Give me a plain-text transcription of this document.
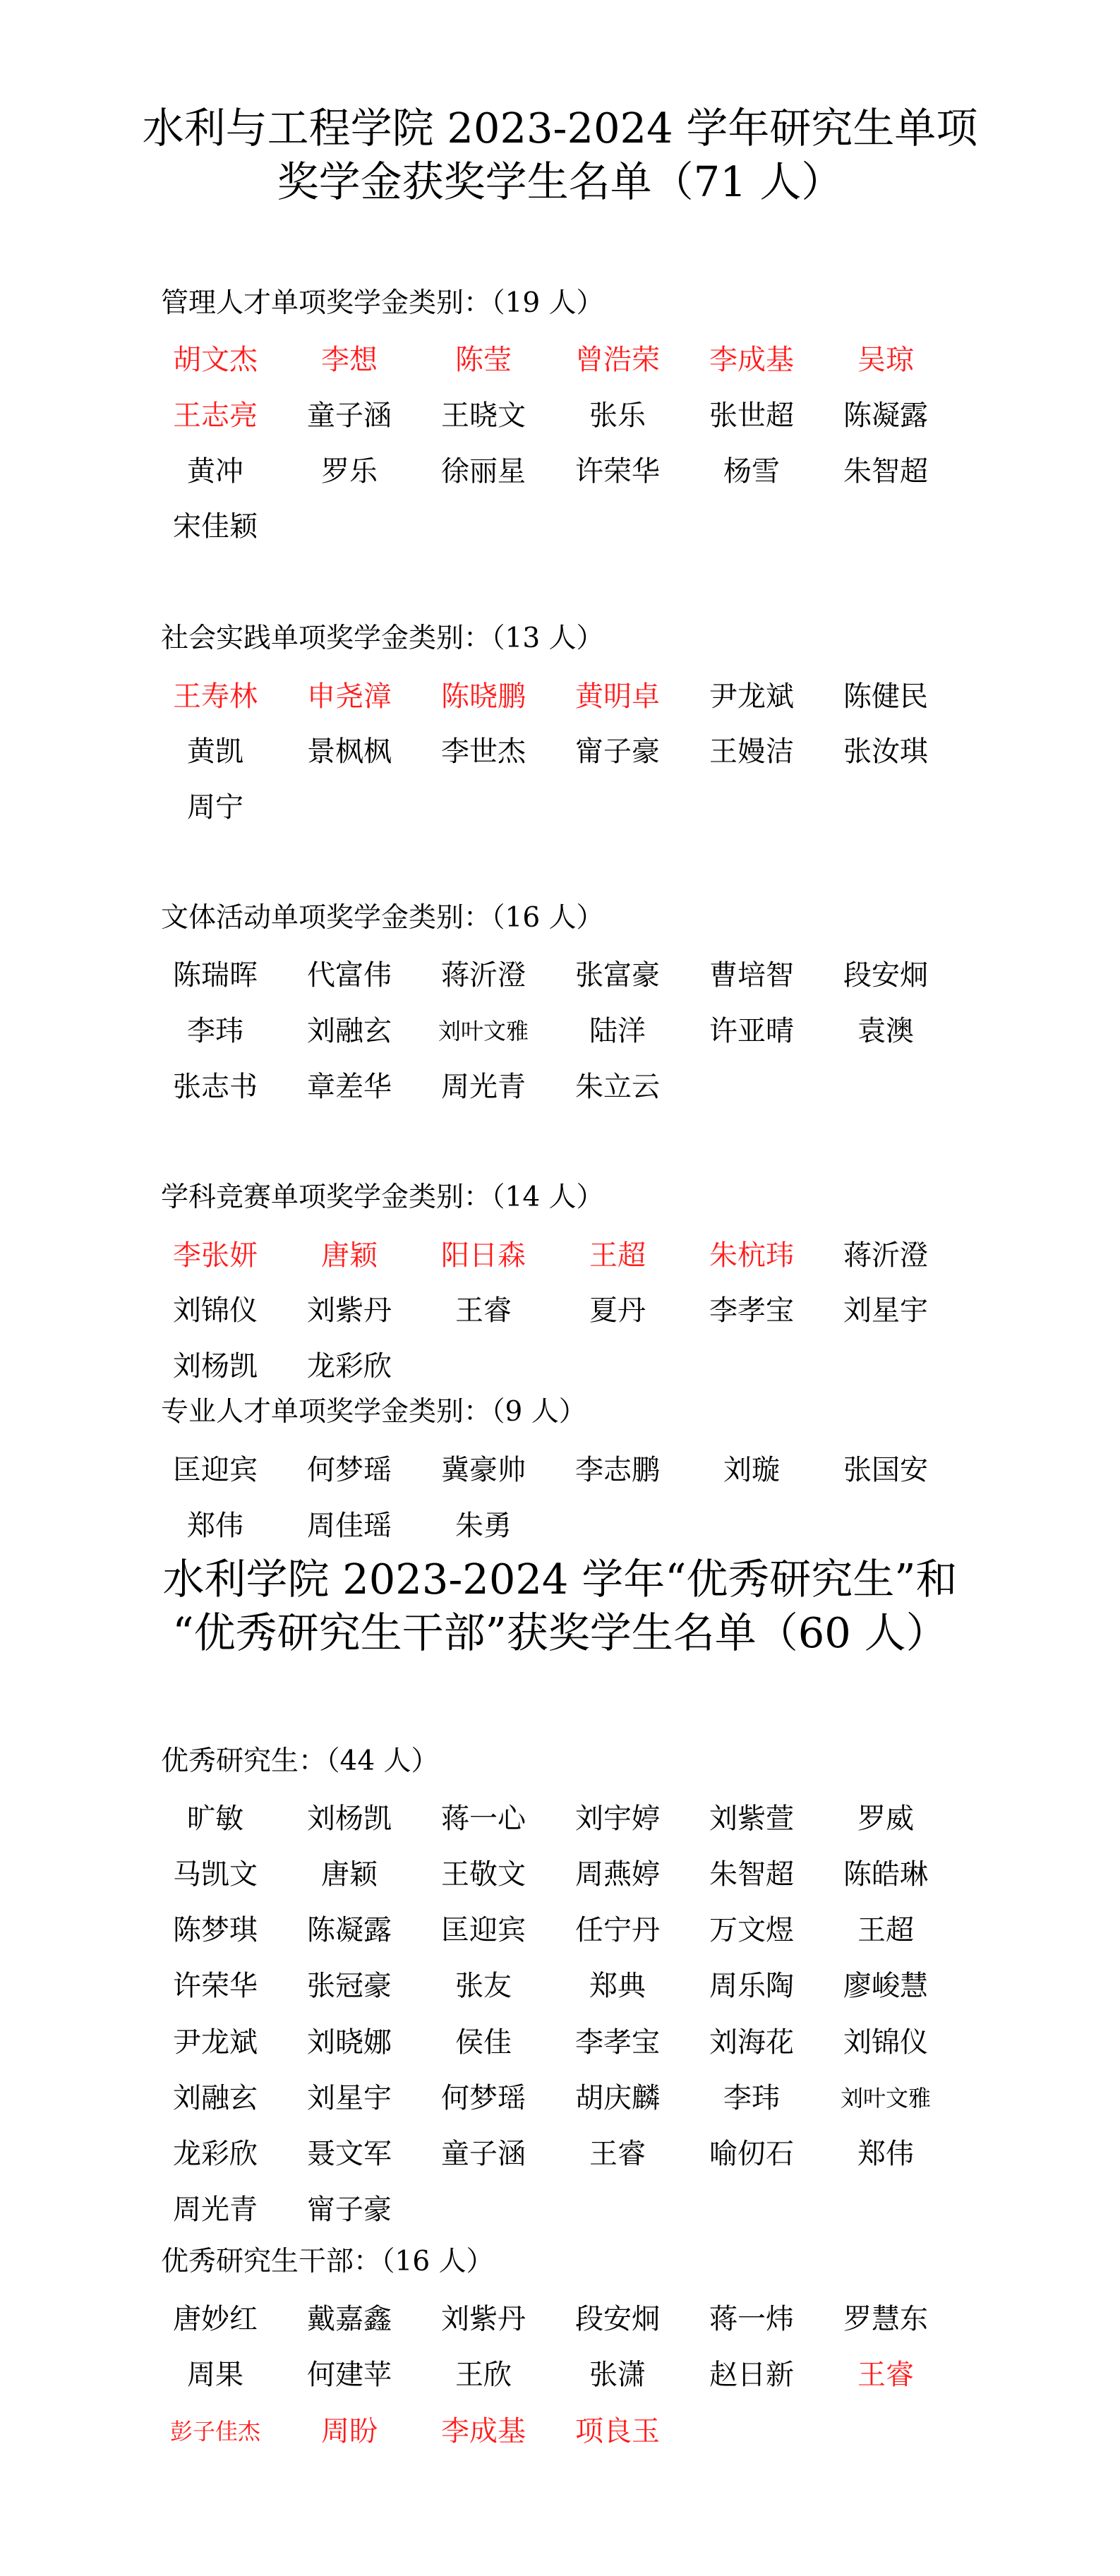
水利与工程学院 2023-2024 学年研究生单项
奖学金获奖学生名单（71 人）
水利学院 2023-2024 学年“优秀研究生”和
“优秀研究生干部”获奖学生名单（60 人）
管理人才单项奖学金类别：（19 人）
胡文杰	李想	陈莹	曾浩荣	李成基	吴琼
王志亮	童子涵	王晓文	张乐	张世超	陈凝露
黄冲	罗乐	徐丽星	许荣华	杨雪	朱智超
宋佳颖
社会实践单项奖学金类别：（13 人）
王寿林	申尧漳	陈晓鹏	黄明卓	尹龙斌	陈健民
黄凯	景枫枫	李世杰	甯子豪	王嫚洁	张汝琪
周宁
文体活动单项奖学金类别：（16 人）
陈瑞晖	代富伟	蒋沂澄	张富豪	曹培智	段安炯
李玮	刘融玄	刘叶文雅	陆洋	许亚晴	袁澳
张志书	章差华	周光青	朱立云
学科竞赛单项奖学金类别：（14 人）
李张妍	唐颖	阳日森	王超	朱杭玮	蒋沂澄
刘锦仪	刘紫丹	王睿	夏丹	李孝宝	刘星宇
刘杨凯	龙彩欣
专业人才单项奖学金类别：（9 人）
匡迎宾	何梦瑶	冀豪帅	李志鹏	刘璇	张国安
郑伟	周佳瑶	朱勇
优秀研究生：（44 人）
旷敏	刘杨凯	蒋一心	刘宇婷	刘紫萱	罗威
马凯文	唐颖	王敬文	周燕婷	朱智超	陈皓琳
陈梦琪	陈凝露	匡迎宾	任宁丹	万文煜	王超
许荣华	张冠豪	张友	郑典	周乐陶	廖峻慧
尹龙斌	刘晓娜	侯佳	李孝宝	刘海花	刘锦仪
刘融玄	刘星宇	何梦瑶	胡庆麟	李玮	刘叶文雅
龙彩欣	聂文军	童子涵	王睿	喻仞石	郑伟
周光青	甯子豪
优秀研究生干部：（16 人）
唐妙红	戴嘉鑫	刘紫丹	段安炯	蒋一炜	罗慧东
周果	何建苹	王欣	张潇	赵日新	王睿
彭子佳杰	周盼	李成基	项良玉
